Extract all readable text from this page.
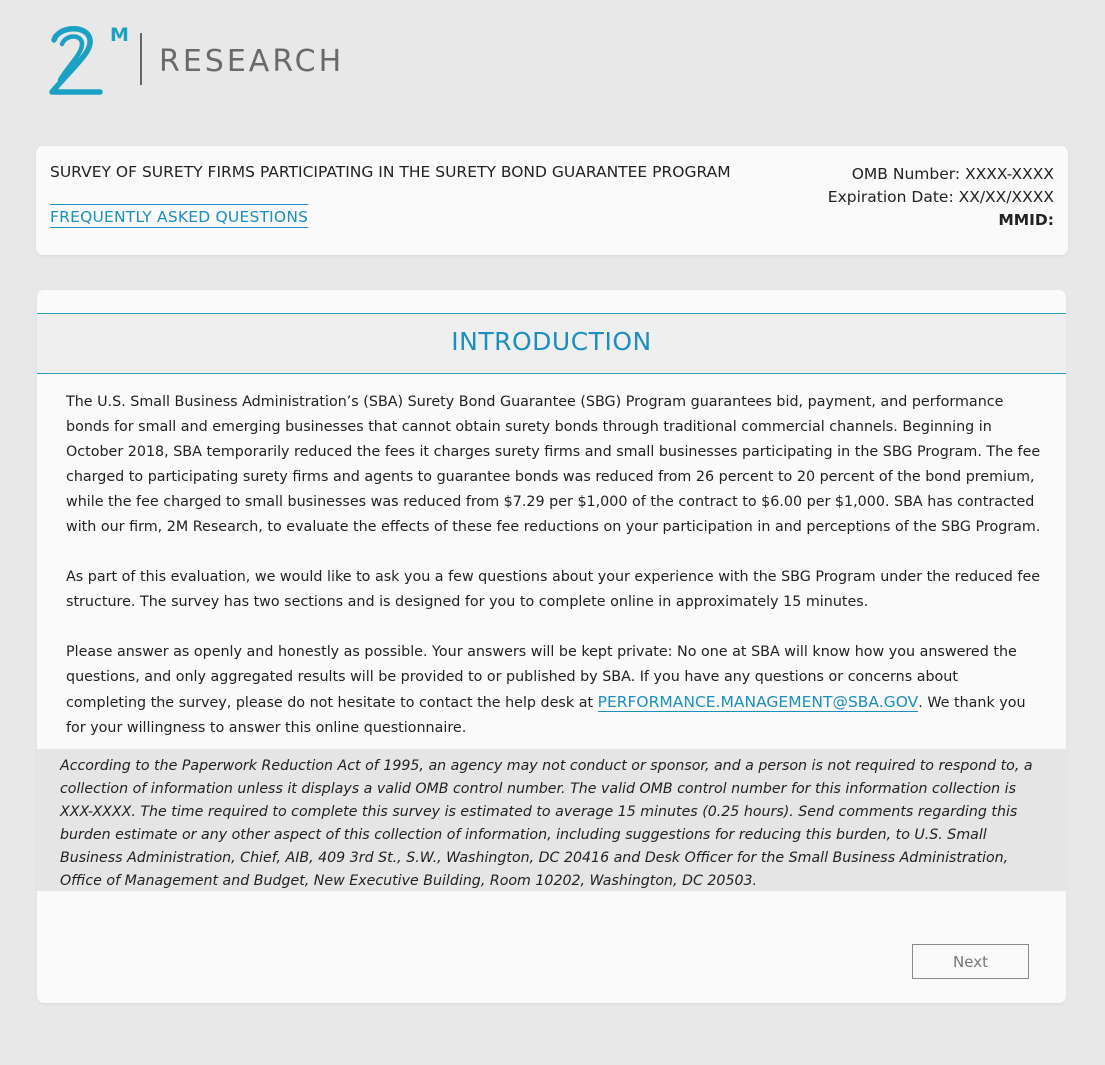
M
RESEARCH
SURVEY OF SURETY FIRMS PARTICIPATING IN THE SURETY BOND GUARANTEE PROGRAM
FREQUENTLY ASKED QUESTIONS
OMB Number: XXXX-XXXX
Expiration Date: XX/XX/XXXX
MMID:
INTRODUCTION

The U.S. Small Business Administration’s (SBA) Surety Bond Guarantee (SBG) Program guarantees bid, payment, and performance bonds for small and emerging businesses that cannot obtain surety bonds through traditional commercial channels. Beginning in October 2018, SBA temporarily reduced the fees it charges surety firms and small businesses participating in the SBG Program. The fee charged to participating surety firms and agents to guarantee bonds was reduced from 26 percent to 20 percent of the bond premium, while the fee charged to small businesses was reduced from $7.29 per $1,000 of the contract to $6.00 per $1,000. SBA has contracted with our firm, 2M Research, to evaluate the effects of these fee reductions on your participation in and perceptions of the SBG Program.

As part of this evaluation, we would like to ask you a few questions about your experience with the SBG Program under the reduced fee structure. The survey has two sections and is designed for you to complete online in approximately 15 minutes.

Please answer as openly and honestly as possible. Your answers will be kept private: No one at SBA will know how you answered the questions, and only aggregated results will be provided to or published by SBA. If you have any questions or concerns about completing the survey, please do not hesitate to contact the help desk at PERFORMANCE.MANAGEMENT@SBA.GOV. We thank you for your willingness to answer this online questionnaire.

According to the Paperwork Reduction Act of 1995, an agency may not conduct or sponsor, and a person is not required to respond to, a collection of information unless it displays a valid OMB control number. The valid OMB control number for this information collection is XXX-XXXX. The time required to complete this survey is estimated to average 15 minutes (0.25 hours). Send comments regarding this burden estimate or any other aspect of this collection of information, including suggestions for reducing this burden, to U.S. Small Business Administration, Chief, AIB, 409 3rd St., S.W., Washington, DC 20416 and Desk Officer for the Small Business Administration, Office of Management and Budget, New Executive Building, Room 10202, Washington, DC 20503.
Next
